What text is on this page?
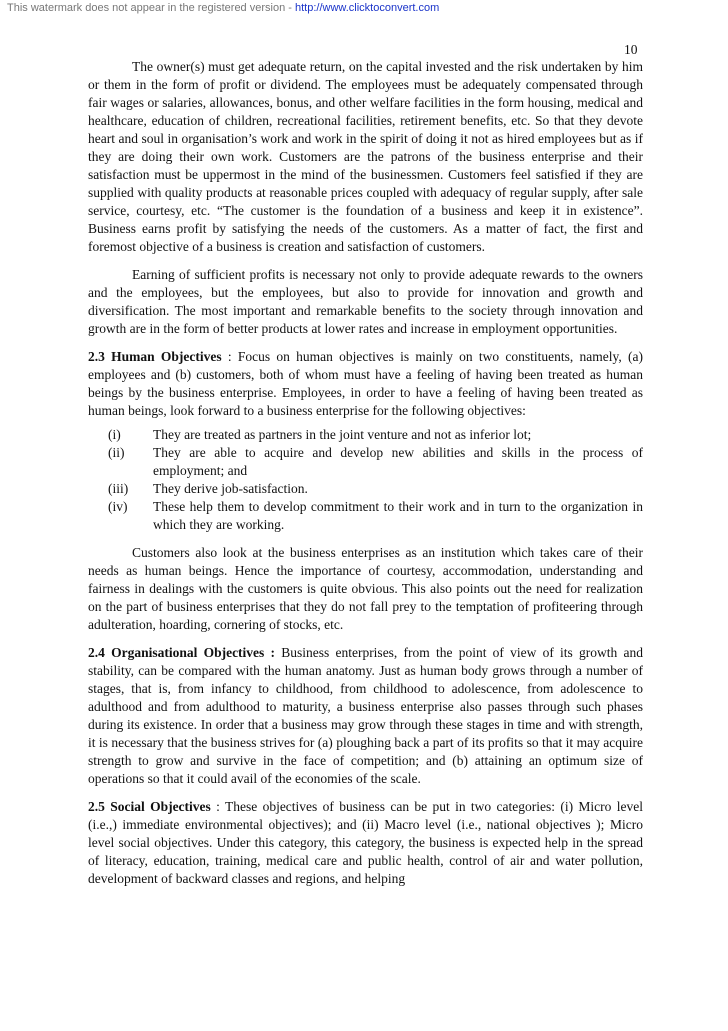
This watermark does not appear in the registered version - http://www.clicktoconvert.com
10

The owner(s) must get adequate return, on the capital invested and the risk undertaken by him or them in the form of profit or dividend. The employees must be adequately compensated through fair wages or salaries, allowances, bonus, and other welfare facilities in the form housing, medical and healthcare, education of children, recreational facilities, retirement benefits, etc. So that they devote heart and soul in organisation’s work and work in the spirit of doing it not as hired employees but as if they are doing their own work. Customers are the patrons of the business enterprise and their satisfaction must be uppermost in the mind of the businessmen. Customers feel satisfied if they are supplied with quality products at reasonable prices coupled with adequacy of regular supply, after sale service, courtesy, etc. “The customer is the foundation of a business and keep it in existence”. Business earns profit by satisfying the needs of the customers. As a matter of fact, the first and foremost objective of a business is creation and satisfaction of customers.

Earning of sufficient profits is necessary not only to provide adequate rewards to the owners and the employees, but the employees, but also to provide for innovation and growth and diversification. The most important and remarkable benefits to the society through innovation and growth are in the form of better products at lower rates and increase in employment opportunities.

2.3 Human Objectives : Focus on human objectives is mainly on two constituents, namely, (a) employees and (b) customers, both of whom must have a feeling of having been treated as human beings by the business enterprise. Employees, in order to have a feeling of having been treated as human beings, look forward to a business enterprise for the following objectives:

(i)	They are treated as partners in the joint venture and not as inferior lot;
(ii)	They are able to acquire and develop new abilities and skills in the process of employment; and
(iii)	They derive job-satisfaction.
(iv)	These help them to develop commitment to their work and in turn to the organization in which they are working.

Customers also look at the business enterprises as an institution which takes care of their needs as human beings. Hence the importance of courtesy, accommodation, understanding and fairness in dealings with the customers is quite obvious. This also points out the need for realization on the part of business enterprises that they do not fall prey to the temptation of profiteering through adulteration, hoarding, cornering of stocks, etc.

2.4 Organisational Objectives : Business enterprises, from the point of view of its growth and stability, can be compared with the human anatomy. Just as human body grows through a number of stages, that is, from infancy to childhood, from childhood to adolescence, from adolescence to adulthood and from adulthood to maturity, a business enterprise also passes through such phases during its existence. In order that a business may grow through these stages in time and with strength, it is necessary that the business strives for (a) ploughing back a part of its profits so that it may acquire strength to grow and survive in the face of competition; and (b) attaining an optimum size of operations so that it could avail of the economies of the scale.

2.5 Social Objectives : These objectives of business can be put in two categories: (i) Micro level (i.e.,) immediate environmental objectives); and (ii) Macro level (i.e., national objectives ); Micro level social objectives. Under this category, this category, the business is expected help in the spread of literacy, education, training, medical care and public health, control of air and water pollution, development of backward classes and regions, and helping
